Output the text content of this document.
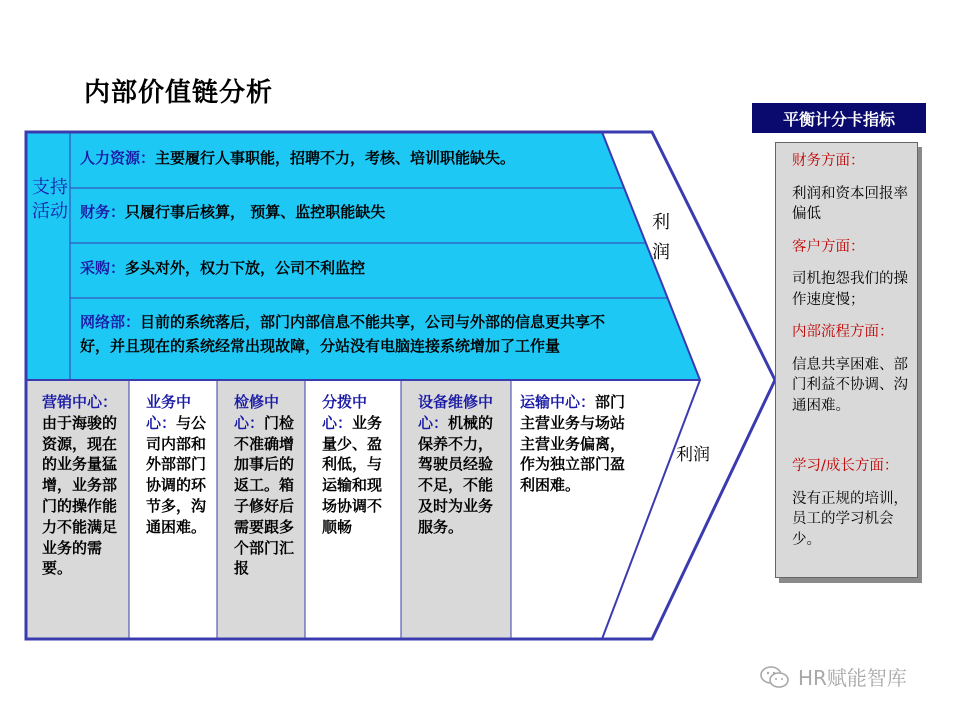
内部价值链分析
支持活动
人力资源：主要履行人事职能，招聘不力，考核、培训职能缺失。
财务：只履行事后核算， 预算、监控职能缺失
采购：多头对外，权力下放，公司不利监控
网络部：目前的系统落后，部门内部信息不能共享，公司与外部的信息更共享不好，并且现在的系统经常出现故障，分站没有电脑连接系统增加了工作量
营销中心：由于海骏的资源，现在的业务量猛增，业务部门的操作能力不能满足业务的需要。
业务中心：与公司内部和外部部门协调的环节多，沟通困难。
检修中心：门检不准确增加事后的返工。箱子修好后需要跟多个部门汇报
分拨中心：业务量少、盈利低，与运输和现场协调不顺畅
设备维修中心：机械的保养不力，驾驶员经验不足，不能及时为业务服务。
运输中心：部门主营业务与场站主营业务偏离，作为独立部门盈利困难。
利
润
利润
平衡计分卡指标
财务方面：
利润和资本回报率偏低
客户方面：
司机抱怨我们的操作速度慢；
内部流程方面：
信息共享困难、部门利益不协调、沟通困难。
学习/成长方面：
没有正规的培训，员工的学习机会少。
HR赋能智库
